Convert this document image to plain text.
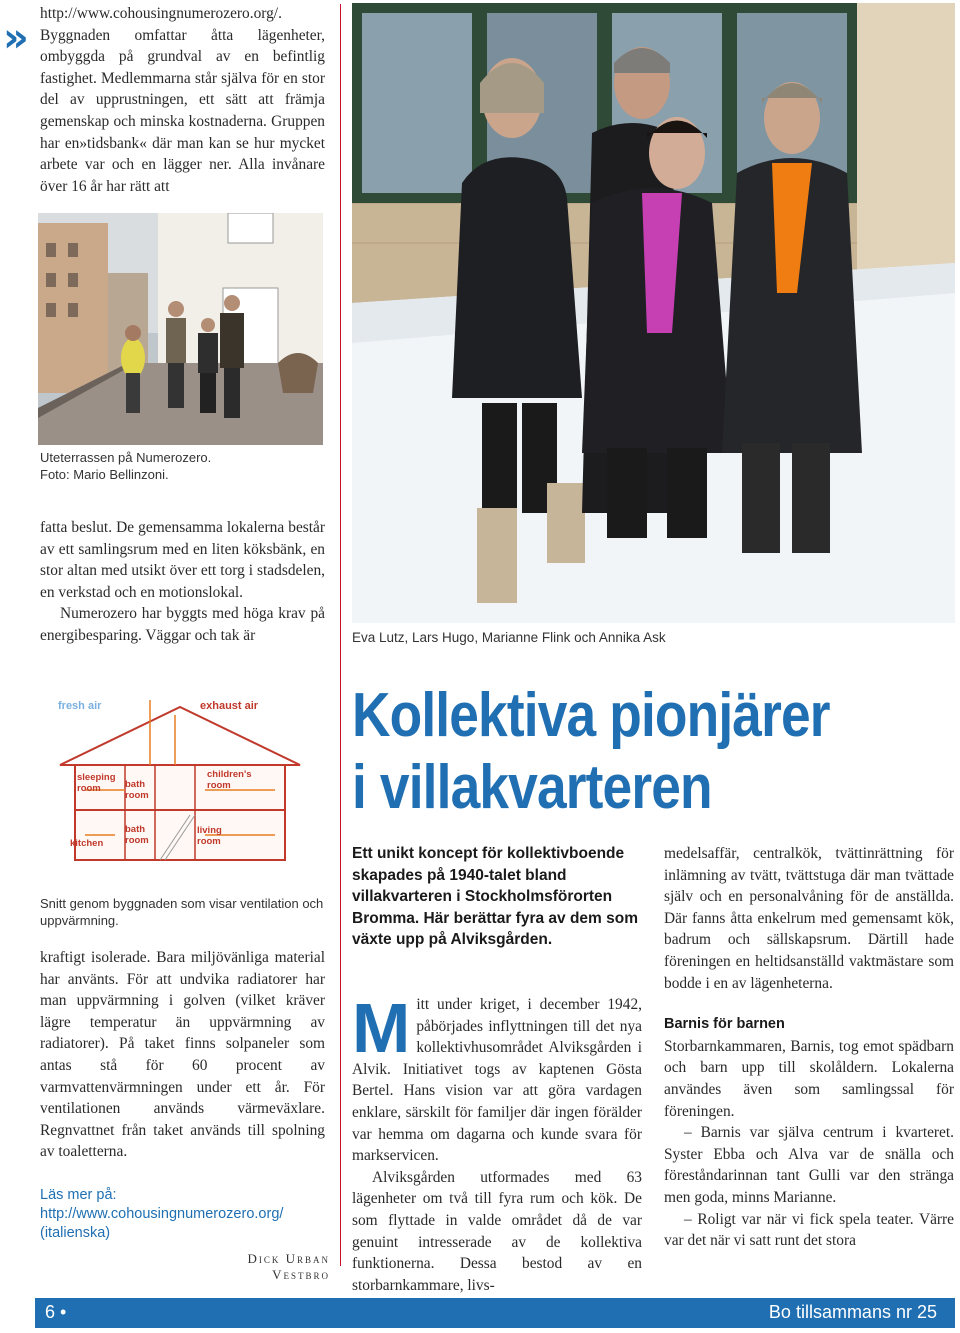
»

http://www.cohousingnumerozero.org/. Byggnaden omfattar åtta lägenheter, ombyggda på grundval av en befintlig fastighet. Medlemmarna står själva för en stor del av upprustningen, ett sätt att främja gemenskap och minska kostnaderna. Gruppen har en»tidsbank« där man kan se hur mycket arbete var och en lägger ner. Alla invånare över 16 år har rätt att

Uteterrassen på Numerozero.
Foto: Mario Bellinzoni.

fatta beslut. De gemensamma lokalerna består av ett samlingsrum med en liten köksbänk, en stor altan med utsikt över ett torg i stadsdelen, en verkstad och en motionslokal.

Numerozero har byggts med höga krav på energibesparing. Väggar och tak är

fresh air	exhaust air
sleeping room	bath room
children's room
bath room
kitchen
living room
Snitt genom byggnaden som visar ventilation och uppvärmning.

kraftigt isolerade. Bara miljövänliga material har använts. För att undvika radiatorer har man uppvärmning i golven (vilket kräver lägre temperatur än uppvärmning av radiatorer). På taket finns solpaneler som antas stå för 60 procent av varmvattenvärmningen under ett år. För ventilationen används värmeväxlare. Regnvattnet från taket används till spolning av toaletterna.

Läs mer på: http://www.cohousingnumerozero.org/ (italienska)
Dick Urban Vestbro
Eva Lutz, Lars Hugo, Marianne Flink och Annika Ask
Kollektiva pionjärer
i villakvarteren
Ett unikt koncept för kollektivboende skapades på 1940-talet bland villakvarteren i Stockholmsförorten Bromma. Här berättar fyra av dem som växte upp på Alviksgården.

Mitt under kriget, i december 1942, påbörjades inflyttningen till det nya kollektivhusområdet Alviksgården i Alvik. Initiativet togs av kaptenen Gösta Bertel. Hans vision var att göra vardagen enklare, särskilt för familjer där ingen förälder var hemma om dagarna och kunde svara för markservicen.

Alviksgården utformades med 63 lägenheter om två till fyra rum och kök. De som flyttade in valde området då de var genuint intresserade av de kollektiva funktionerna. Dessa bestod av en storbarnkammare, livs-

medelsaffär, centralkök, tvättinrättning för inlämning av tvätt, tvättstuga där man tvättade själv och en personalvåning för de anställda. Där fanns åtta enkelrum med gemensamt kök, badrum och sällskapsrum. Därtill hade föreningen en heltidsanställd vaktmästare som bodde i en av lägenheterna.

Barnis för barnen

Storbarnkammaren, Barnis, tog emot spädbarn och barn upp till skolåldern. Lokalerna användes även som samlingssal för föreningen.

– Barnis var själva centrum i kvarteret. Syster Ebba och Alva var de snälla och föreståndarinnan tant Gulli var den stränga men goda, minns Marianne.

– Roligt var när vi fick spela teater. Värre var det när vi satt runt det stora

6 •	Bo tillsammans nr 25
